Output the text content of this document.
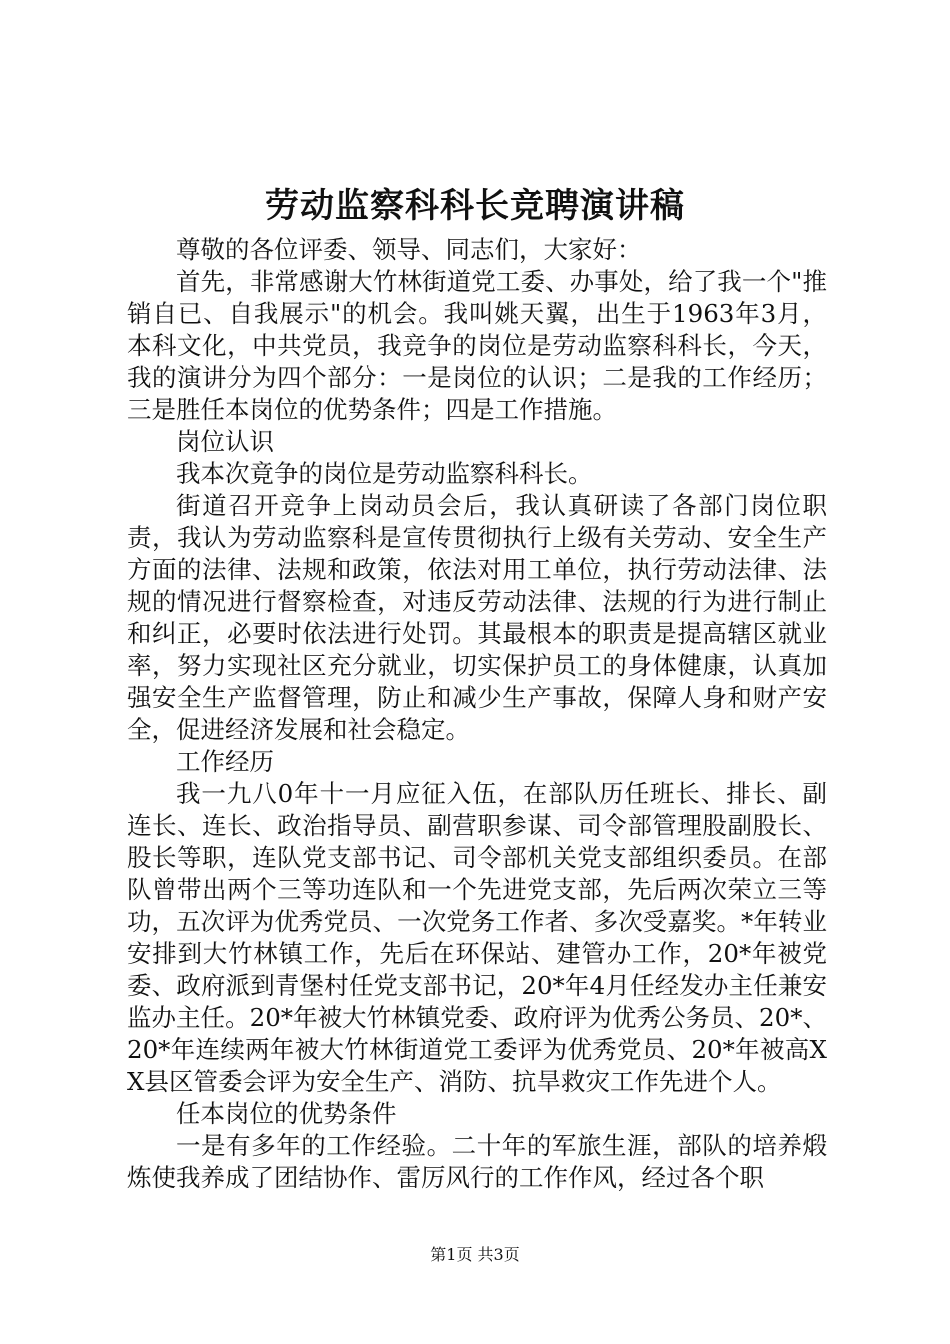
劳动监察科科长竞聘演讲稿

尊敬的各位评委、领导、同志们，大家好：

首先，非常感谢大竹林街道党工委、办事处，给了我一个"推销自已、自我展示"的机会。我叫姚天翼，出生于1963年3月，本科文化，中共党员，我竞争的岗位是劳动监察科科长，今天，我的演讲分为四个部分：一是岗位的认识；二是我的工作经历；三是胜任本岗位的优势条件；四是工作措施。

岗位认识

我本次竟争的岗位是劳动监察科科长。

街道召开竞争上岗动员会后，我认真研读了各部门岗位职责，我认为劳动监察科是宣传贯彻执行上级有关劳动、安全生产方面的法律、法规和政策，依法对用工单位，执行劳动法律、法规的情况进行督察检查，对违反劳动法律、法规的行为进行制止和纠正，必要时依法进行处罚。其最根本的职责是提高辖区就业率，努力实现社区充分就业，切实保护员工的身体健康，认真加强安全生产监督管理，防止和减少生产事故，保障人身和财产安全，促进经济发展和社会稳定。

工作经历

我一九八0年十一月应征入伍，在部队历任班长、排长、副连长、连长、政治指导员、副营职参谋、司令部管理股副股长、股长等职，连队党支部书记、司令部机关党支部组织委员。在部队曾带出两个三等功连队和一个先进党支部，先后两次荣立三等功，五次评为优秀党员、一次党务工作者、多次受嘉奖。*年转业安排到大竹林镇工作，先后在环保站、建管办工作，20*年被党委、政府派到青堡村任党支部书记，20*年4月任经发办主任兼安监办主任。20*年被大竹林镇党委、政府评为优秀公务员、20*、20*年连续两年被大竹林街道党工委评为优秀党员、20*年被高XX县区管委会评为安全生产、消防、抗旱救灾工作先进个人。

任本岗位的优势条件

一是有多年的工作经验。二十年的军旅生涯，部队的培养煅炼使我养成了团结协作、雷厉风行的工作作风，经过各个职

第1页 共3页
